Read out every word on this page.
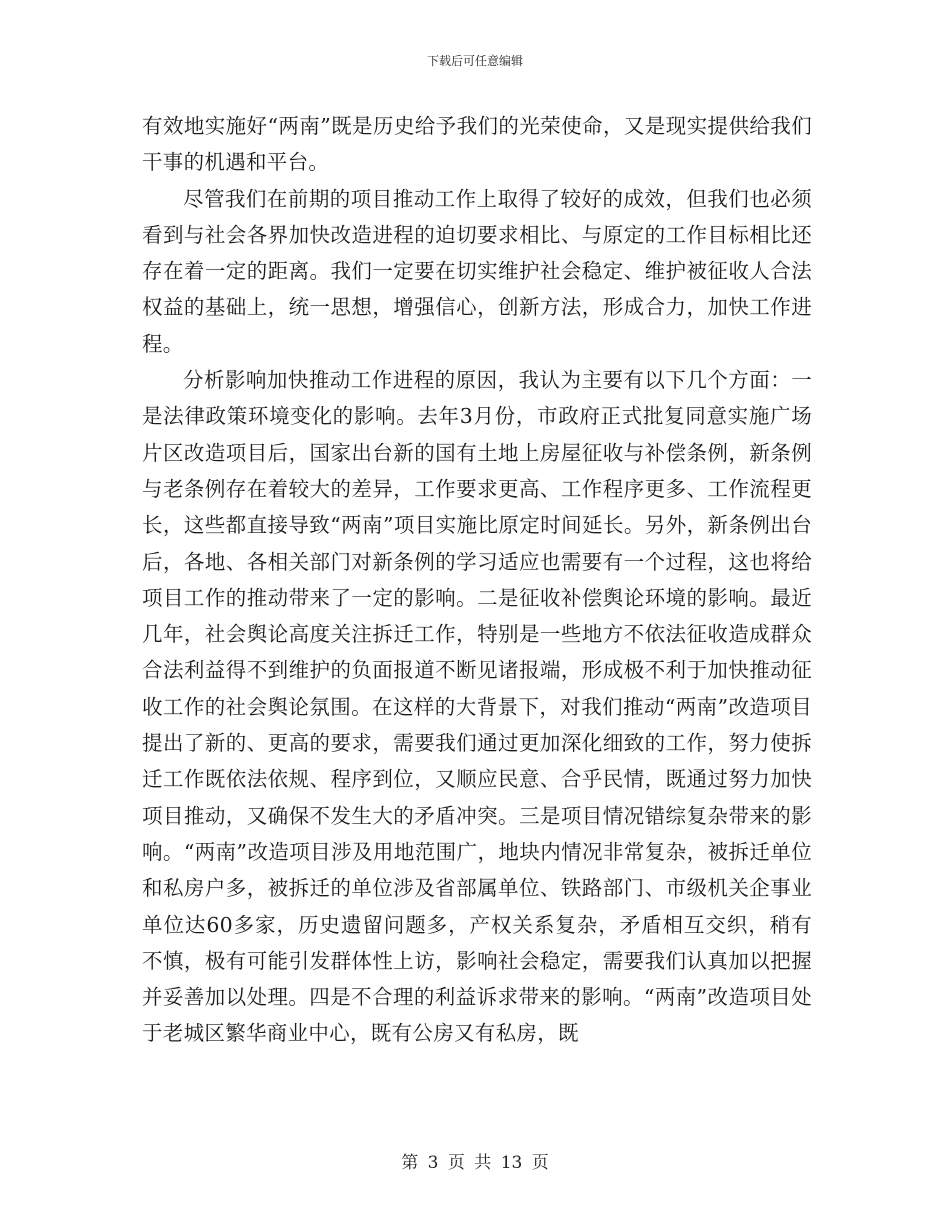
下载后可任意编辑

有效地实施好“两南”既是历史给予我们的光荣使命，又是现实提供给我们干事的机遇和平台。

尽管我们在前期的项目推动工作上取得了较好的成效，但我们也必须看到与社会各界加快改造进程的迫切要求相比、与原定的工作目标相比还存在着一定的距离。我们一定要在切实维护社会稳定、维护被征收人合法权益的基础上，统一思想，增强信心，创新方法，形成合力，加快工作进程。

分析影响加快推动工作进程的原因，我认为主要有以下几个方面：一是法律政策环境变化的影响。去年3月份，市政府正式批复同意实施广场片区改造项目后，国家出台新的国有土地上房屋征收与补偿条例，新条例与老条例存在着较大的差异，工作要求更高、工作程序更多、工作流程更长，这些都直接导致“两南”项目实施比原定时间延长。另外，新条例出台后，各地、各相关部门对新条例的学习适应也需要有一个过程，这也将给项目工作的推动带来了一定的影响。二是征收补偿舆论环境的影响。最近几年，社会舆论高度关注拆迁工作，特别是一些地方不依法征收造成群众合法利益得不到维护的负面报道不断见诸报端，形成极不利于加快推动征收工作的社会舆论氛围。在这样的大背景下，对我们推动“两南”改造项目提出了新的、更高的要求，需要我们通过更加深化细致的工作，努力使拆迁工作既依法依规、程序到位，又顺应民意、合乎民情，既通过努力加快项目推动，又确保不发生大的矛盾冲突。三是项目情况错综复杂带来的影响。“两南”改造项目涉及用地范围广，地块内情况非常复杂，被拆迁单位和私房户多，被拆迁的单位涉及省部属单位、铁路部门、市级机关企事业单位达60多家，历史遗留问题多，产权关系复杂，矛盾相互交织，稍有不慎，极有可能引发群体性上访，影响社会稳定，需要我们认真加以把握并妥善加以处理。四是不合理的利益诉求带来的影响。“两南”改造项目处于老城区繁华商业中心，既有公房又有私房，既

第 3 页 共 13 页
